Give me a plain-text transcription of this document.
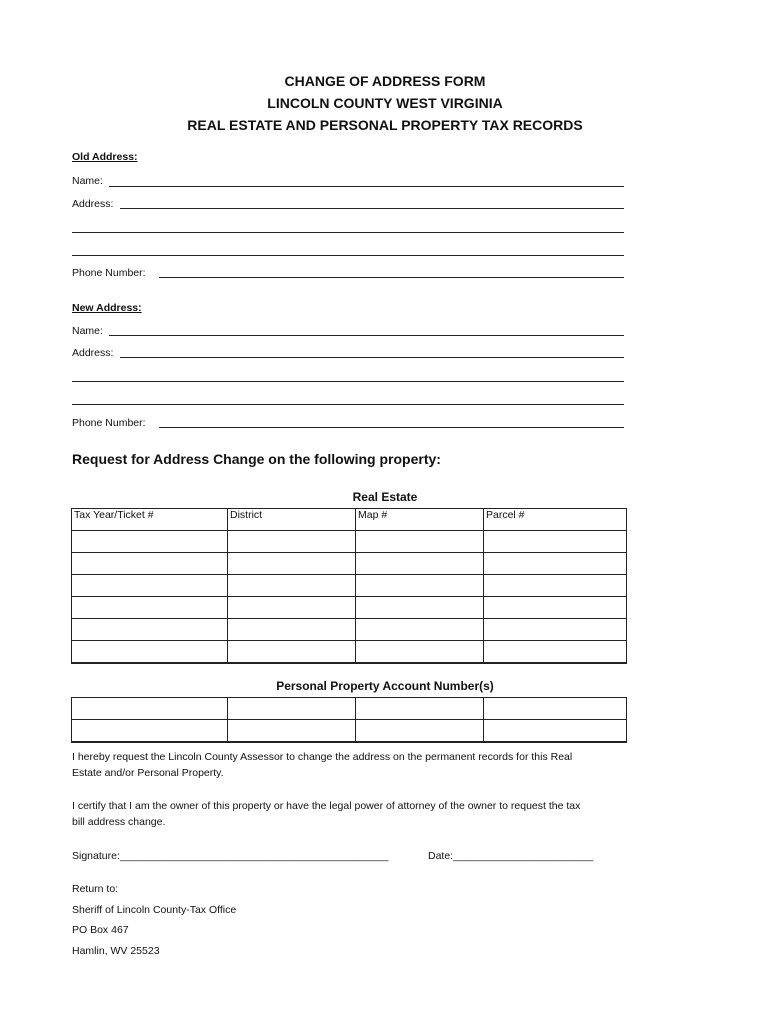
CHANGE OF ADDRESS FORM
LINCOLN COUNTY WEST VIRGINIA
REAL ESTATE AND PERSONAL PROPERTY TAX RECORDS
Old Address:
Name:
Address:
Phone Number:
New Address:
Name:
Address:
Phone Number:
Request for Address Change on the following property:
Real Estate
Tax Year/Ticket #	District	Map #	Parcel #

Personal Property Account Number(s)

I hereby request the Lincoln County Assessor to change the address on the permanent records for this Real Estate and/or Personal Property.
I certify that I am the owner of this property or have the legal power of attorney of the owner to request the tax bill address change.
Signature:______________________________________________	Date:________________________
Return to:
Sheriff of Lincoln County-Tax Office
PO Box 467
Hamlin, WV 25523
